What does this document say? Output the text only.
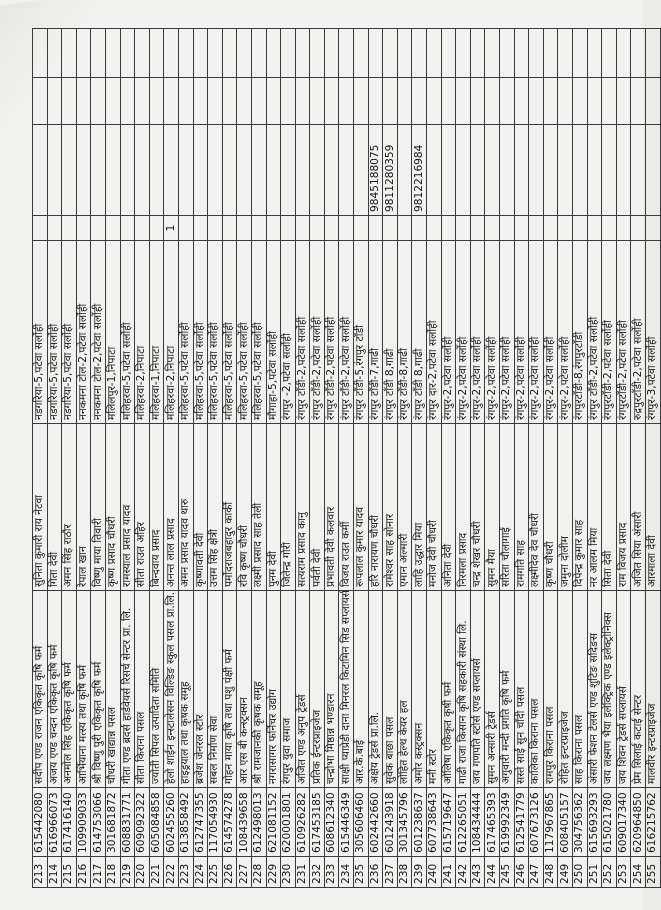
213	615442080	सदीप एण्ड राजन एकिकृत कृषि फर्म	सुनिता कुमारी राय नेटवा	नडगरिया-5,पटेवा सर्लोही				
214	616966073	अजय एण्ड चन्दन एकिकृत कृषि फर्म	गिता देवी	नडगरिया-5,पटेवा सर्लोही				
215	617416140	अनमोल सिंह एकिकृत कृषि फर्म	अमन सिंह राठौर	नडगरिया-5,पटेवा सर्लोही				
216	109909033	आर्भियाना मत्स्य तथा कृषि फर्म	रेपाल खान	ननकमना टोल-2,पटेवा सर्लोही				
217	614753066	श्री विष्णु पुरी एकिकृत कृषि फर्म	विष्णु माया तिवारी	ननकमना टोल-2,पटेवा सर्लोही				
218	301681872	चौधरी खाद्यान्न पसल	कृष्ण प्रसाद चौधरी	मलिलपुर-1,निपाटा				
219	608831771	गीता एण्ड ब्रदर्स हार्डवेयर्स रिसर्च सेन्टर प्रा. लि.	रामस्याल प्रसाद यादव	मलिहरवा-5,पटेवा सर्लोही				
220	609092322	सीता किराना पसल	सीता राउत अहिर	मलिहरवा-2,निपाटा				
221	605084858	ज्योती सिपल उत्पादिता समिति	बिन्दवाय प्रसाद	मलिहरवा-1,निपाटा				
222	602455260	हेलो शाईन इन्स्टालेसन विल्डिङ स्कुल पसल प्रा.लि.	अनन्त लाल प्रसाद	मलिहरवा-2,निपाटा	1			
223	613858492	हाइड्रयाल तथा कृषक समूह	अमन प्रसाद यादव थारु	मलिहरवा-5,पटेवा सर्लोही				
224	612747355	ब्रजेश जेनरल स्टोर	कृष्णावती देवी	मलिहरवा-5,पटेवा सर्लोही				
225	117054930	सबल निर्माण सेवा	उत्तम सिंह क्षेत्री	मलिहरवा-5,पटेवा सर्लोही				
226	614574278	गोहन माया कृषि तथा पशु पंक्षी फर्म	पर्मोदराजबहादुर कार्की	मलिहरवा-5,पटेवा सर्लोही				
227	108439658	आर एस बी कन्स्ट्रक्सन	रवि कृष्ण चौधरी	मलिहरवा-5,पटेवा सर्लोही				
228	612498013	श्री रामजानकी कृषक समूह	लक्ष्मी प्रसाद साह तेली	मलिहरवा-5,पटेवा सर्लोही				
229	621081152	नगरासागर फर्निचर उद्योग	पुनम देवी	मौगाहा-5,पटेवा सर्लोही				
230	620001801	रंगपुर युवा समाज	जितेन्द्र गोरी	रंगपुर -2,पटेवा सर्लोही				
231	610926282	अजित एण्ड अनुप ट्रेडर्स	सत्यराम प्रसाद कानु	रंगपुर टाँडी-2,पटेवा सर्लोही				
232	617453185	प्रतिक ईन्टरप्राइजेज	पर्वती देवी	रंगपुर टाँडी-2,पटेवा सर्लोही				
233	608612340	चन्द्रोभा मिष्ठान्न भण्डारन	प्रभावती देवी कलवार	रंगपुर टाँडी-2,पटेवा सर्लोही				
234	615446349	साक्षी प्याप्रेडी दाना मिनरल किटामिन सिड सप्लायर्स	विजय राउत कर्मी	रंगपुर टाँडी-2,पटेवा सर्लोही				
235	305606460	आर.के.बाई	रूपलाल कुमार यादव	रंगपुर टाँडी-5,रंगपुर टाँडी				
236	602442660	अक्षेय ट्रेडर्स प्रा.लि.	हरि नारायण चौधरी	रंगपुर टाँडी-7,गाढी		9845188075		
237	601243918	सुवेक बाछा पसल	रामेश्वर साह सोनार	रंगपुर टाँडी 8,गाढी		9811280359		
238	301345796	लोहित हेल्थ केयर हल	एमान अल्मारी	रंगपुर टाँडी-8,गाढी				
239	601238637	अमोर कस्ट्रक्सन	लाहि उद्धार मिया	रंगपुर टाँडी 8,गाढी		9812216984		
240	607738643	मनी स्टोर	मनोज देवी चौधरी	रंगपुर दार-2,पटेवा सर्लोही				
241	615719647	ओलिषा एकिकृत कृषी फर्म	अनिता देवी	रंगपुर-2,पटेवा सर्लोही				
242	612265051	गाढी राजा किसान कृषि सहकारी संस्था लि.	निरमला प्रसाद	रंगपुर-2,पटेवा सर्लोही				
243	108434444	जय गणपति स्टोर्स एण्ड सप्लायर्स	चन्द्र शेखर चौधरी	रंगपुर-2,पटेवा सर्लोही				
244	617465393	सुमन अन्सारी ट्रेडर्स	सुमन मैया	रंगपुर-2,पटेवा सर्लोही				
245	619992349	अगुवारी मन्दी प्रगति कृषि फर्म	सरिता चौलागाई	रंगपुर-2,पटेवा सर्लोही				
246	612541779	सस्ते साई सुन चाँदी पसल	रामगति साह	रंगपुर-2,पटेवा सर्लोही				
247	607673126	कालिका किराना पसल	लक्ष्मीदेव देव चौधरी	रंगपुर-2,पटेवा सर्लोही				
248	117967865	रामपुर किराना पसल	कृष्ण चौधरी	रंगपुर-2,पटेवा सर्लोही				
249	608405157	रोहित इन्टरप्राइजेज	जमुना दोलीम	रंगपुर-2,पटेवा सर्लोही				
250	304756362	साह किराना पसल	दिपेन्द्र कुमार साह	रंगपुरटाँडी-8,रंगपुरटाँडी				
251	615693293	अंसारी फेशन टेलर्स एण्ड शुटिङ सदिङस	नर आलम मिया	रंगपुर टाँडी-2,पटेवा सर्लोही				
252	615021780	जय लक्ष्मण भैया इलेक्ट्रिक एण्ड इलेक्ट्रोनिक्स	सिता देवी	रंगपुरटाँडी-2,पटेवा सर्लोही				
253	609017340	जय शिवन ट्रेडर्स सप्लायर्स	राम विजय प्रसाद	रंगपुरटाँडी-2,पटेवा सर्लोही				
254	620964850	प्रेम सिलाई कटाई सेन्टर	अजित सिया अंसारी	रुद्रपुरटाँडी-2,पटेवा सर्लोही				
255	616215762	मालवीर इन्टरप्राइजेज	आरमाला देवी	रंगपुर-3,पटेवा सर्लोही				
